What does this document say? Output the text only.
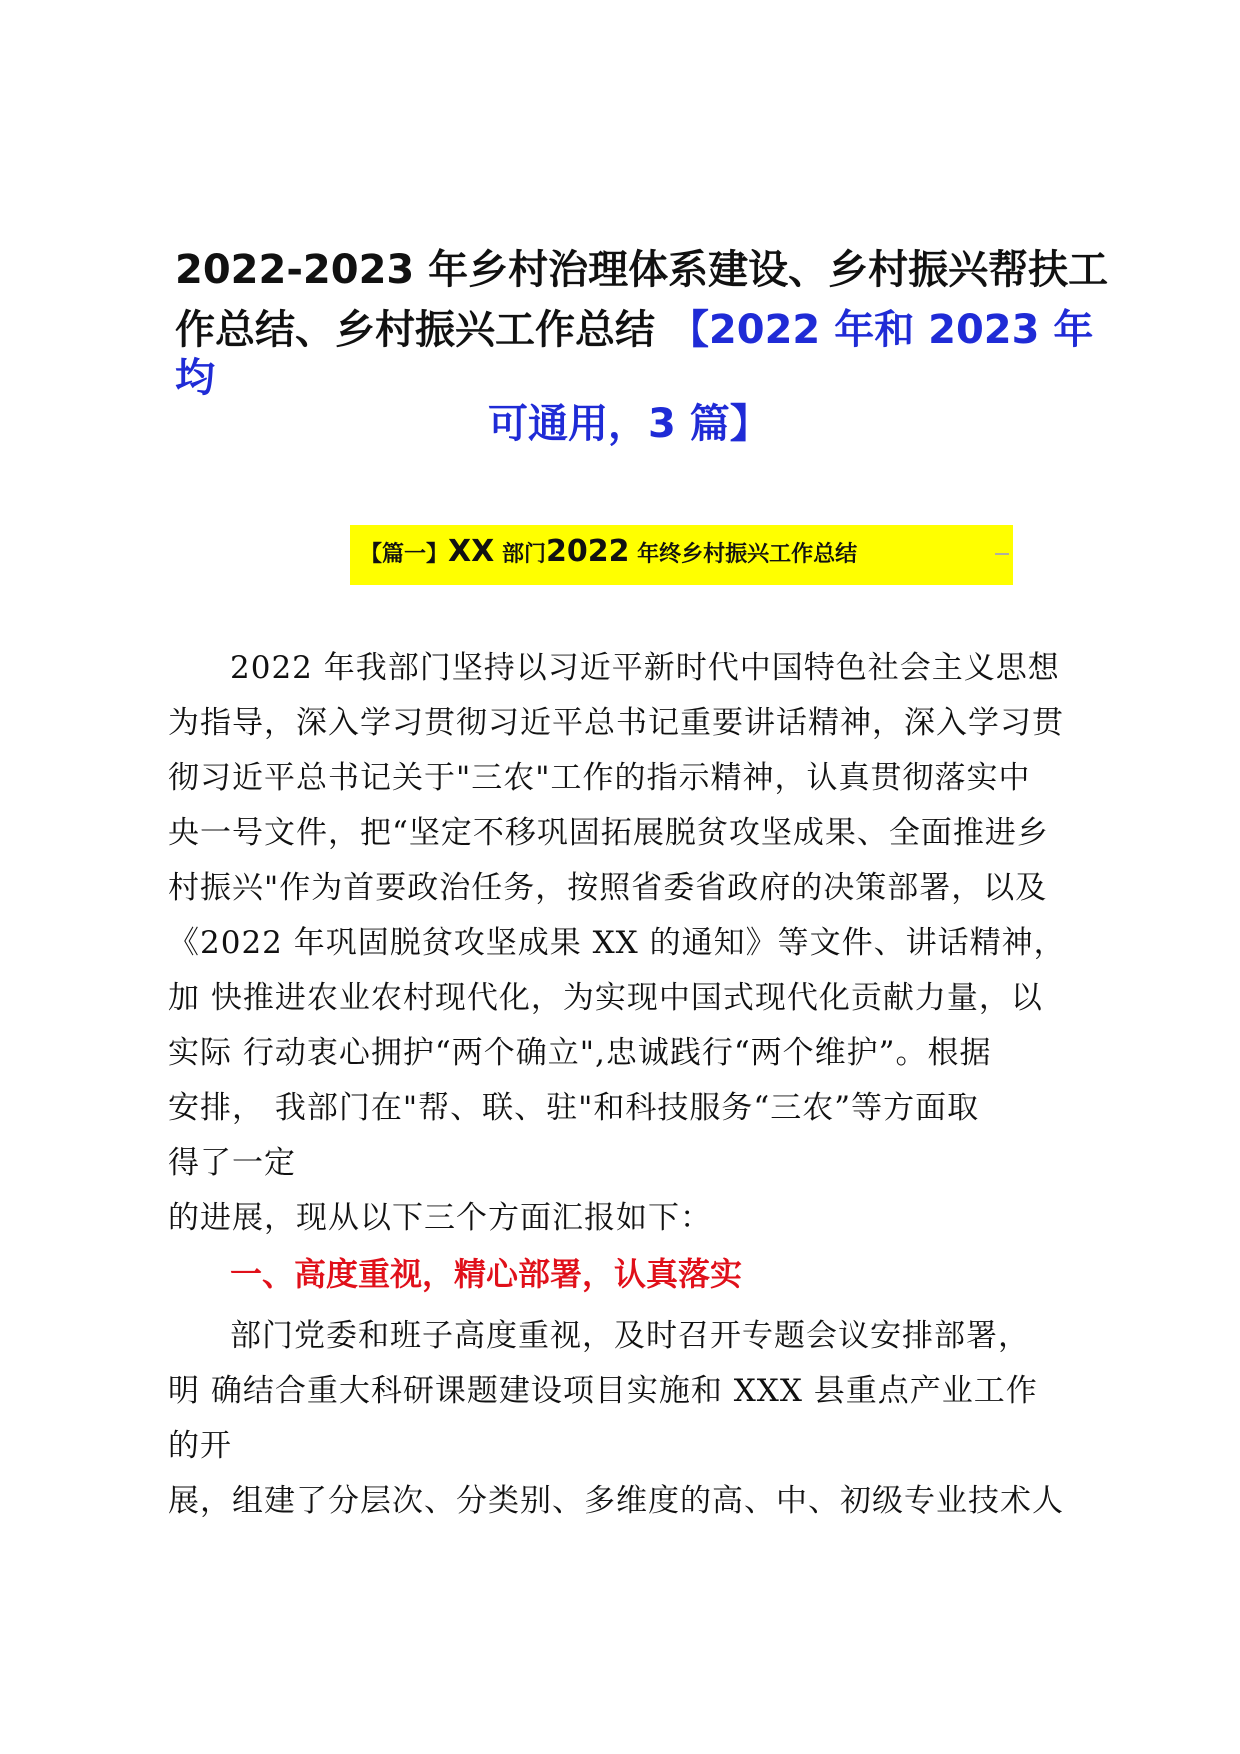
2022-2023 年乡村治理体系建设、乡村振兴帮扶工
作总结、乡村振兴工作总结 【2022 年和 2023 年
均
可通用，3 篇】
【篇一】XX 部门2022 年终乡村振兴工作总结
2022 年我部门坚持以习近平新时代中国特色社会主义思想
为指导，深入学习贯彻习近平总书记重要讲话精神，深入学习贯
彻习近平总书记关于"三农"工作的指示精神，认真贯彻落实中
央一号文件，把“坚定不移巩固拓展脱贫攻坚成果、全面推进乡
村振兴"作为首要政治任务，按照省委省政府的决策部署，以及
《2022 年巩固脱贫攻坚成果 XX 的通知》等文件、讲话精神，
加 快推进农业农村现代化，为实现中国式现代化贡献力量，以
实际 行动衷心拥护“两个确立",忠诚践行“两个维护”。根据
安排， 我部门在"帮、联、驻"和科技服务“三农”等方面取
得了一定
的进展，现从以下三个方面汇报如下：
一、高度重视，精心部署，认真落实
部门党委和班子高度重视，及时召开专题会议安排部署，
明 确结合重大科研课题建设项目实施和 XXX 县重点产业工作
的开
展，组建了分层次、分类别、多维度的高、中、初级专业技术人
